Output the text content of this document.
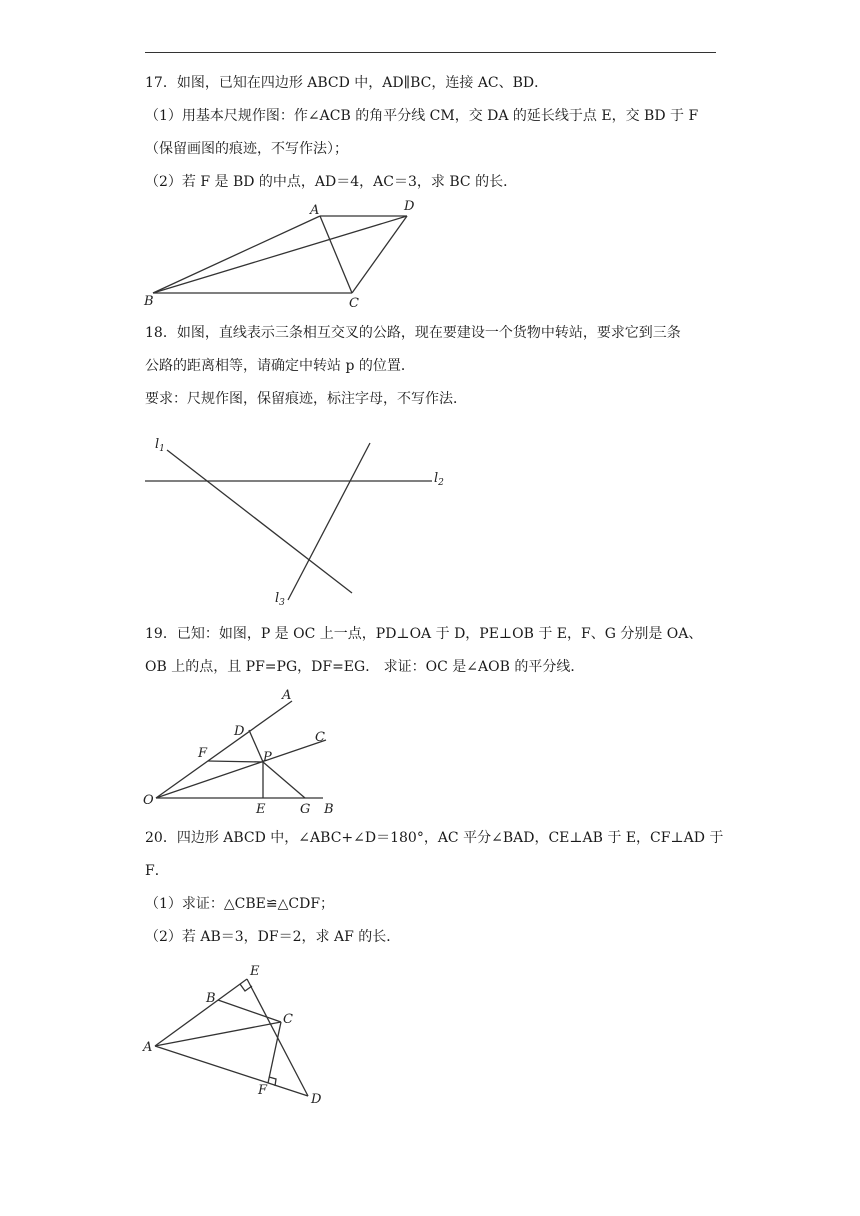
17．如图，已知在四边形 ABCD 中，AD∥BC，连接 AC、BD．
（1）用基本尺规作图：作∠ACB 的角平分线 CM，交 DA 的延长线于点 E，交 BD 于 F
（保留画图的痕迹，不写作法）；
（2）若 F 是 BD 的中点，AD＝4，AC＝3，求 BC 的长．
A	D
B	C
18．如图，直线表示三条相互交叉的公路，现在要建设一个货物中转站，要求它到三条
公路的距离相等，请确定中转站 p 的位置．
要求：尺规作图，保留痕迹，标注字母，不写作法．
$l_1$
$l_2$
$l_3$
19．已知：如图，P 是 OC 上一点，PD⊥OA 于 D，PE⊥OB 于 E，F、G 分别是 OA、
OB 上的点，且 PF=PG，DF=EG． 求证：OC 是∠AOB 的平分线．
A
C
D
F	P
O
E	G B
20．四边形 ABCD 中，∠ABC+∠D＝180°，AC 平分∠BAD，CE⊥AB 于 E，CF⊥AD 于
F．
（1）求证：△CBE≌△CDF；
（2）若 AB＝3，DF＝2，求 AF 的长．
E
B
C
A
F
D
